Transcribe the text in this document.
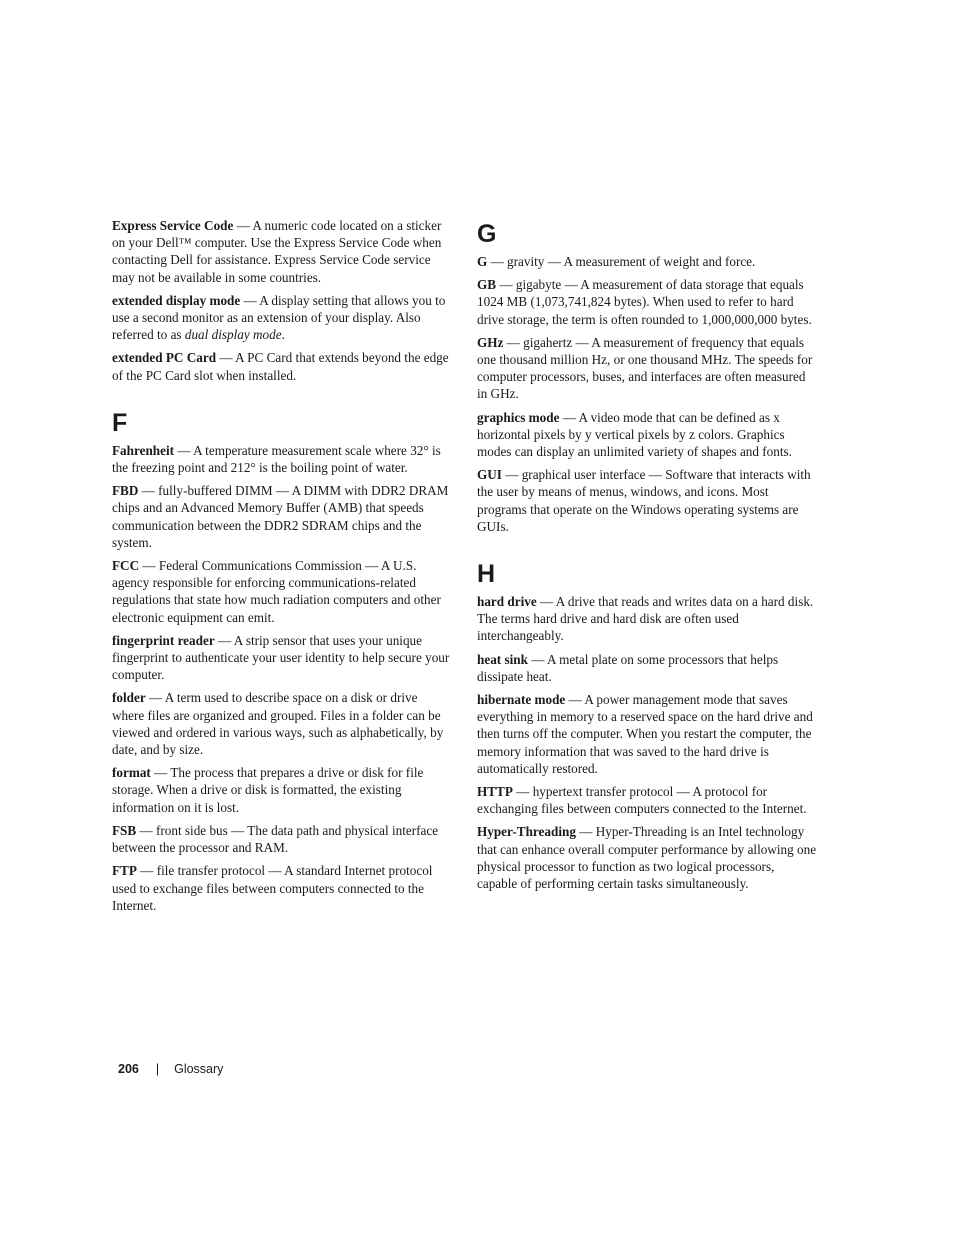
Express Service Code — A numeric code located on a sticker on your Dell™ computer. Use the Express Service Code when contacting Dell for assistance. Express Service Code service may not be available in some countries.

extended display mode — A display setting that allows you to use a second monitor as an extension of your display. Also referred to as dual display mode.

extended PC Card — A PC Card that extends beyond the edge of the PC Card slot when installed.

F

Fahrenheit — A temperature measurement scale where 32° is the freezing point and 212° is the boiling point of water.

FBD — fully-buffered DIMM — A DIMM with DDR2 DRAM chips and an Advanced Memory Buffer (AMB) that speeds communication between the DDR2 SDRAM chips and the system.

FCC — Federal Communications Commission — A U.S. agency responsible for enforcing communications-related regulations that state how much radiation computers and other electronic equipment can emit.

fingerprint reader — A strip sensor that uses your unique fingerprint to authenticate your user identity to help secure your computer.

folder — A term used to describe space on a disk or drive where files are organized and grouped. Files in a folder can be viewed and ordered in various ways, such as alphabetically, by date, and by size.

format — The process that prepares a drive or disk for file storage. When a drive or disk is formatted, the existing information on it is lost.

FSB — front side bus — The data path and physical interface between the processor and RAM.

FTP — file transfer protocol — A standard Internet protocol used to exchange files between computers connected to the Internet.

G

G — gravity — A measurement of weight and force.

GB — gigabyte — A measurement of data storage that equals 1024 MB (1,073,741,824 bytes). When used to refer to hard drive storage, the term is often rounded to 1,000,000,000 bytes.

GHz — gigahertz — A measurement of frequency that equals one thousand million Hz, or one thousand MHz. The speeds for computer processors, buses, and interfaces are often measured in GHz.

graphics mode — A video mode that can be defined as x horizontal pixels by y vertical pixels by z colors. Graphics modes can display an unlimited variety of shapes and fonts.

GUI — graphical user interface — Software that interacts with the user by means of menus, windows, and icons. Most programs that operate on the Windows operating systems are GUIs.

H

hard drive — A drive that reads and writes data on a hard disk. The terms hard drive and hard disk are often used interchangeably.

heat sink — A metal plate on some processors that helps dissipate heat.

hibernate mode — A power management mode that saves everything in memory to a reserved space on the hard drive and then turns off the computer. When you restart the computer, the memory information that was saved to the hard drive is automatically restored.

HTTP — hypertext transfer protocol — A protocol for exchanging files between computers connected to the Internet.

Hyper-Threading — Hyper-Threading is an Intel technology that can enhance overall computer performance by allowing one physical processor to function as two logical processors, capable of performing certain tasks simultaneously.

206 | Glossary
